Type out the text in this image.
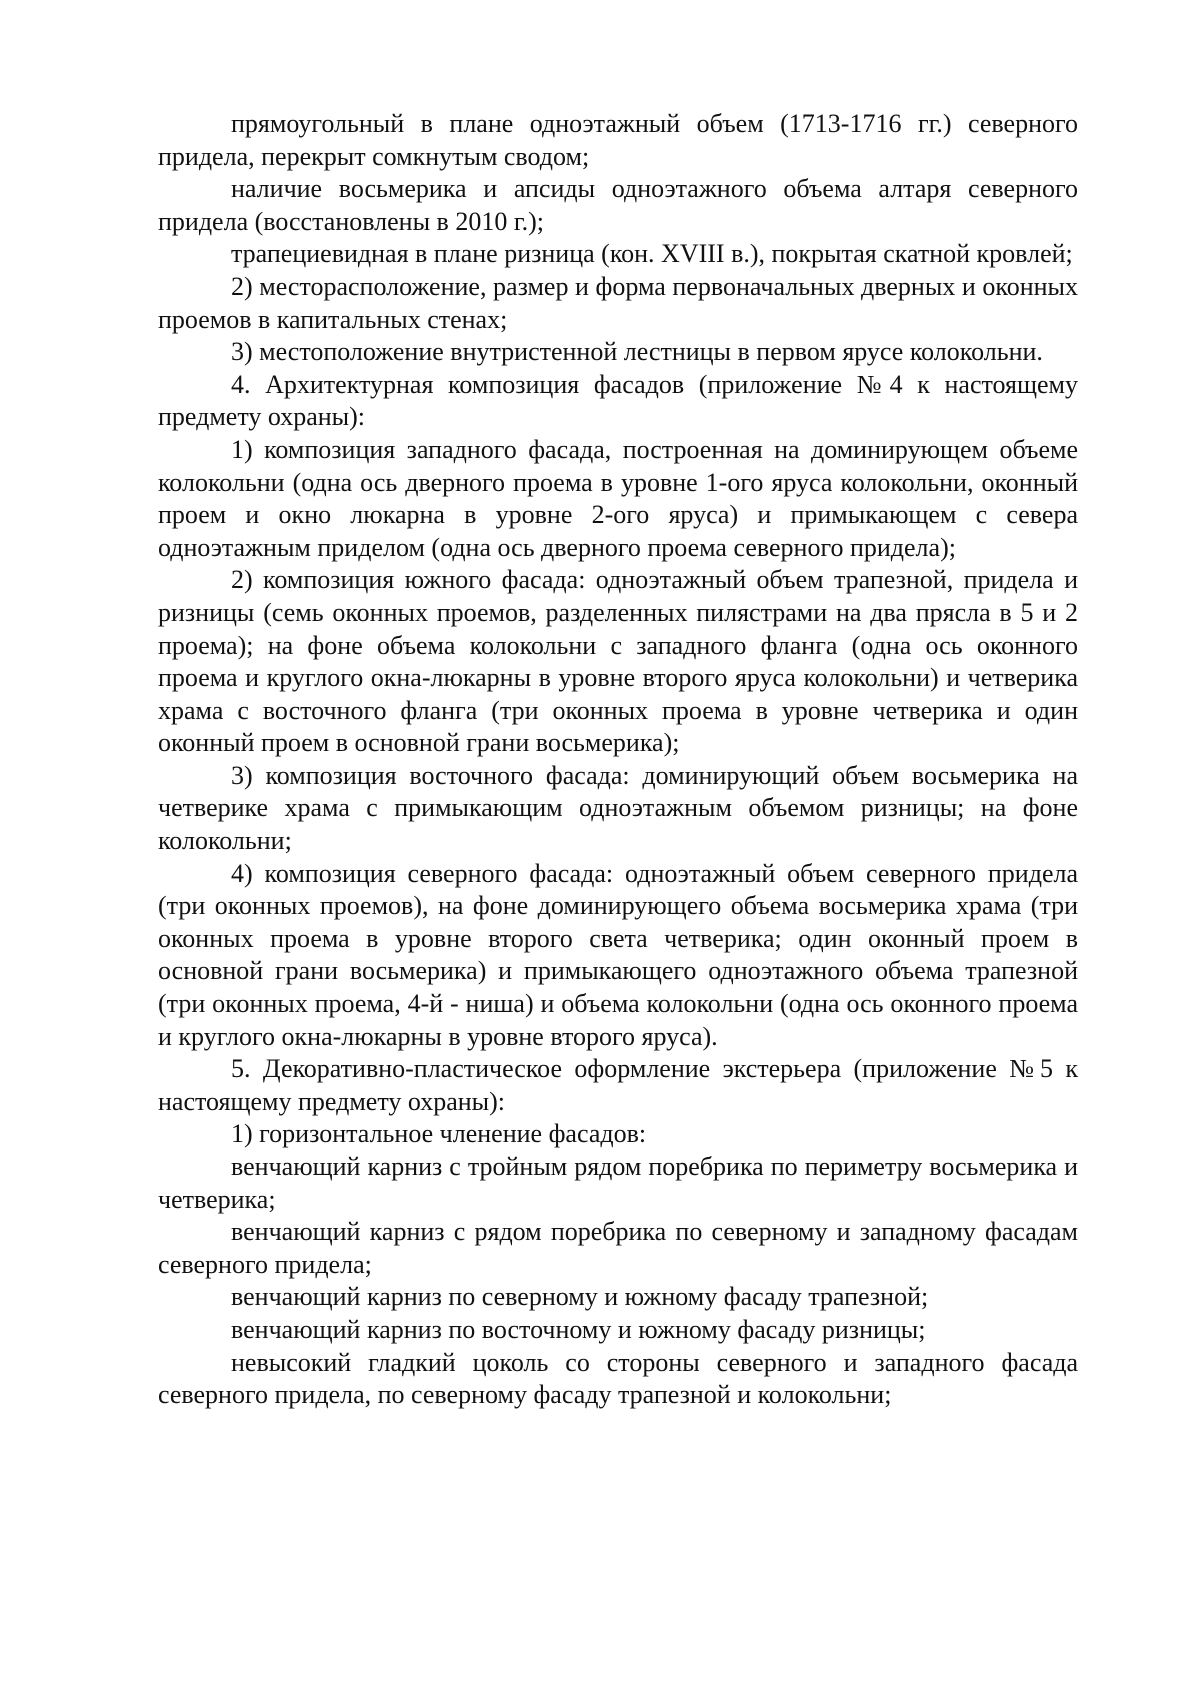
прямоугольный в плане одноэтажный объем (1713-1716 гг.) северного придела, перекрыт сомкнутым сводом;

наличие восьмерика и апсиды одноэтажного объема алтаря северного придела (восстановлены в 2010 г.);

трапециевидная в плане ризница (кон. XVIII в.), покрытая скатной кровлей;

2) месторасположение, размер и форма первоначальных дверных и оконных проемов в капитальных стенах;

3) местоположение внутристенной лестницы в первом ярусе колокольни.

4. Архитектурная композиция фасадов (приложение №4 к настоящему предмету охраны):

1) композиция западного фасада, построенная на доминирующем объеме колокольни (одна ось дверного проема в уровне 1-ого яруса колокольни, оконный проем и окно люкарна в уровне 2-ого яруса) и примыкающем с севера одноэтажным приделом (одна ось дверного проема северного придела);

2) композиция южного фасада: одноэтажный объем трапезной, придела и ризницы (семь оконных проемов, разделенных пилястрами на два прясла в 5 и 2 проема); на фоне объема колокольни с западного фланга (одна ось оконного проема и круглого окна-люкарны в уровне второго яруса колокольни) и четверика храма с восточного фланга (три оконных проема в уровне четверика и один оконный проем в основной грани восьмерика);

3) композиция восточного фасада: доминирующий объем восьмерика на четверике храма с примыкающим одноэтажным объемом ризницы; на фоне колокольни;

4) композиция северного фасада: одноэтажный объем северного придела (три оконных проемов), на фоне доминирующего объема восьмерика храма (три оконных проема в уровне второго света четверика; один оконный проем в основной грани восьмерика) и примыкающего одноэтажного объема трапезной (три оконных проема, 4-й - ниша) и объема колокольни (одна ось оконного проема и круглого окна-люкарны в уровне второго яруса).

5. Декоративно-пластическое оформление экстерьера (приложение №5 к настоящему предмету охраны):

1) горизонтальное членение фасадов:

венчающий карниз с тройным рядом поребрика по периметру восьмерика и четверика;

венчающий карниз с рядом поребрика по северному и западному фасадам северного придела;

венчающий карниз по северному и южному фасаду трапезной;

венчающий карниз по восточному и южному фасаду ризницы;

невысокий гладкий цоколь со стороны северного и западного фасада северного придела, по северному фасаду трапезной и колокольни;
